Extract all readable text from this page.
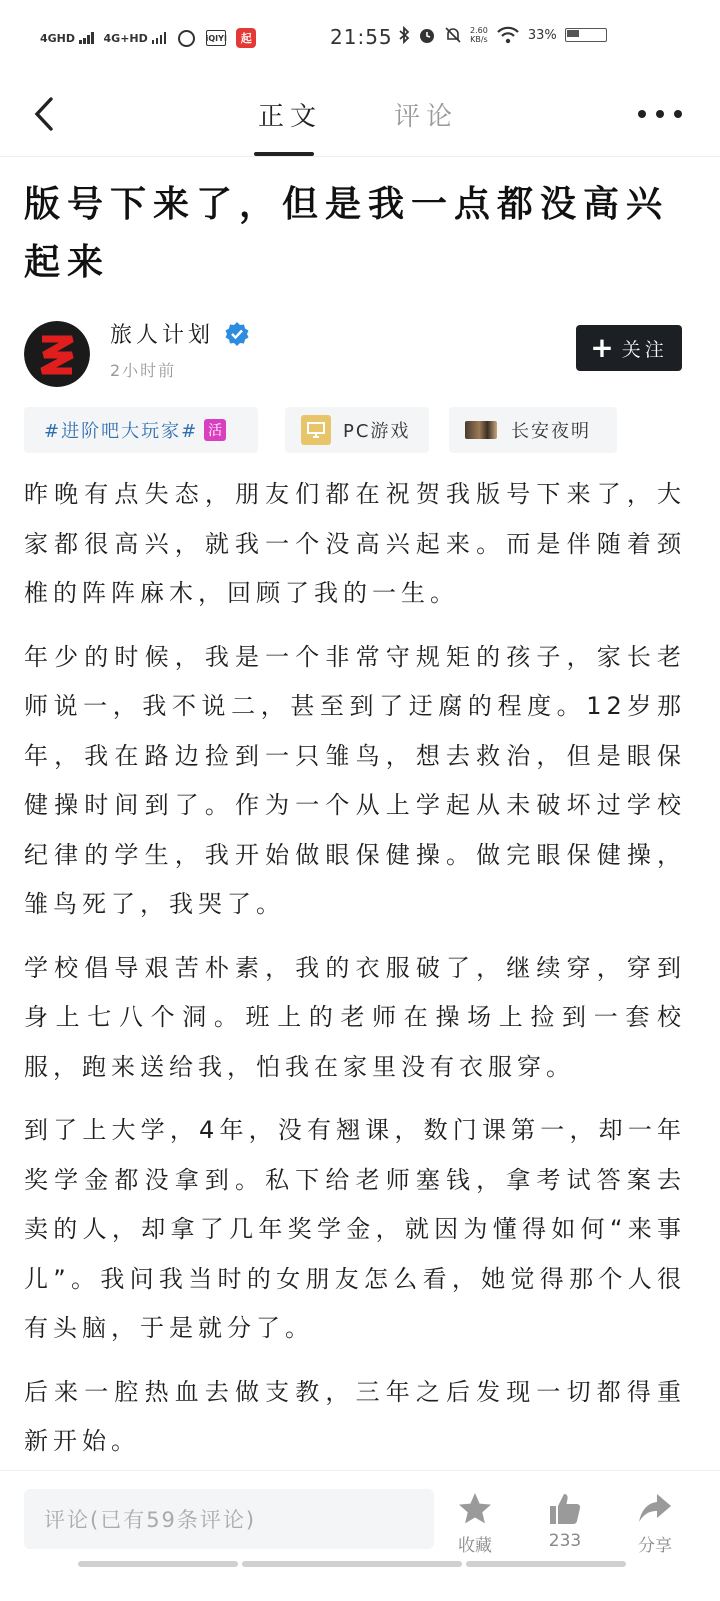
4GHD	4G+HD	iQIYI	起	21:55	2.60
KB/s	33%
正文	评论
版号下来了，但是我一点都没高兴起来
旅人计划
2小时前
+ 关注
#进阶吧大玩家# 活	PC游戏	长安夜明

昨晚有点失态，朋友们都在祝贺我版号下来了，大家都很高兴，就我一个没高兴起来。而是伴随着颈椎的阵阵麻木，回顾了我的一生。

年少的时候，我是一个非常守规矩的孩子，家长老师说一，我不说二，甚至到了迂腐的程度。12岁那年，我在路边捡到一只雏鸟，想去救治，但是眼保健操时间到了。作为一个从上学起从未破坏过学校纪律的学生，我开始做眼保健操。做完眼保健操，雏鸟死了，我哭了。

学校倡导艰苦朴素，我的衣服破了，继续穿，穿到身上七八个洞。班上的老师在操场上捡到一套校服，跑来送给我，怕我在家里没有衣服穿。

到了上大学，4年，没有翘课，数门课第一，却一年奖学金都没拿到。私下给老师塞钱，拿考试答案去卖的人，却拿了几年奖学金，就因为懂得如何“来事儿”。我问我当时的女朋友怎么看，她觉得那个人很有头脑，于是就分了。

后来一腔热血去做支教，三年之后发现一切都得重新开始。

评论(已有59条评论)
收藏	233	分享
